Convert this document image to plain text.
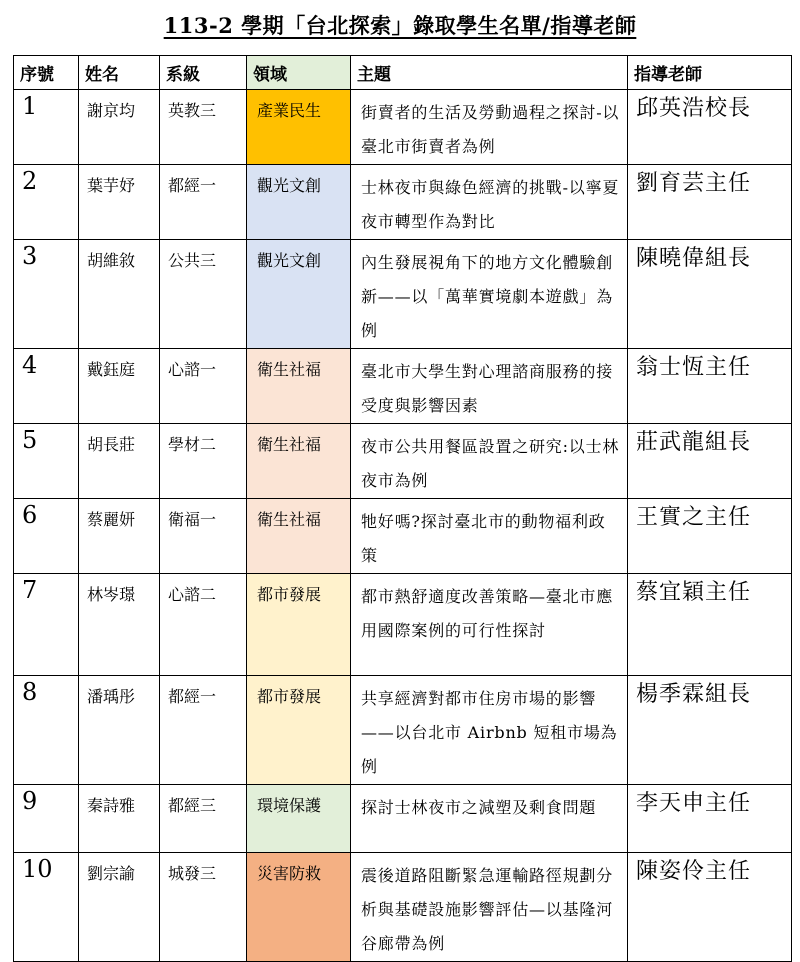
113-2 學期「台北探索」錄取學生名單/指導老師
序號	姓名	系級	領域	主題	指導老師
1	謝京均	英教三	產業民生	街賣者的生活及勞動過程之探討-以臺北市街賣者為例	邱英浩校長
2	葉芋妤	都經一	觀光文創	士林夜市與綠色經濟的挑戰-以寧夏夜市轉型作為對比	劉育芸主任
3	胡維敘	公共三	觀光文創	內生發展視角下的地方文化體驗創新——以「萬華實境劇本遊戲」為例	陳曉偉組長
4	戴鈺庭	心諮一	衛生社福	臺北市大學生對心理諮商服務的接受度與影響因素	翁士恆主任
5	胡長莊	學材二	衛生社福	夜市公共用餐區設置之研究:以士林夜市為例	莊武龍組長
6	蔡麗妍	衛福一	衛生社福	牠好嗎?探討臺北市的動物福利政策	王實之主任
7	林岑璟	心諮二	都市發展	都市熱舒適度改善策略—臺北市應用國際案例的可行性探討	蔡宜穎主任
8	潘瑀彤	都經一	都市發展	共享經濟對都市住房市場的影響——以台北市 Airbnb 短租市場為例	楊季霖組長
9	秦詩雅	都經三	環境保護	探討士林夜市之減塑及剩食問題	李天申主任
10	劉宗諭	城發三	災害防救	震後道路阻斷緊急運輸路徑規劃分析與基礎設施影響評估—以基隆河谷廊帶為例	陳姿伶主任
